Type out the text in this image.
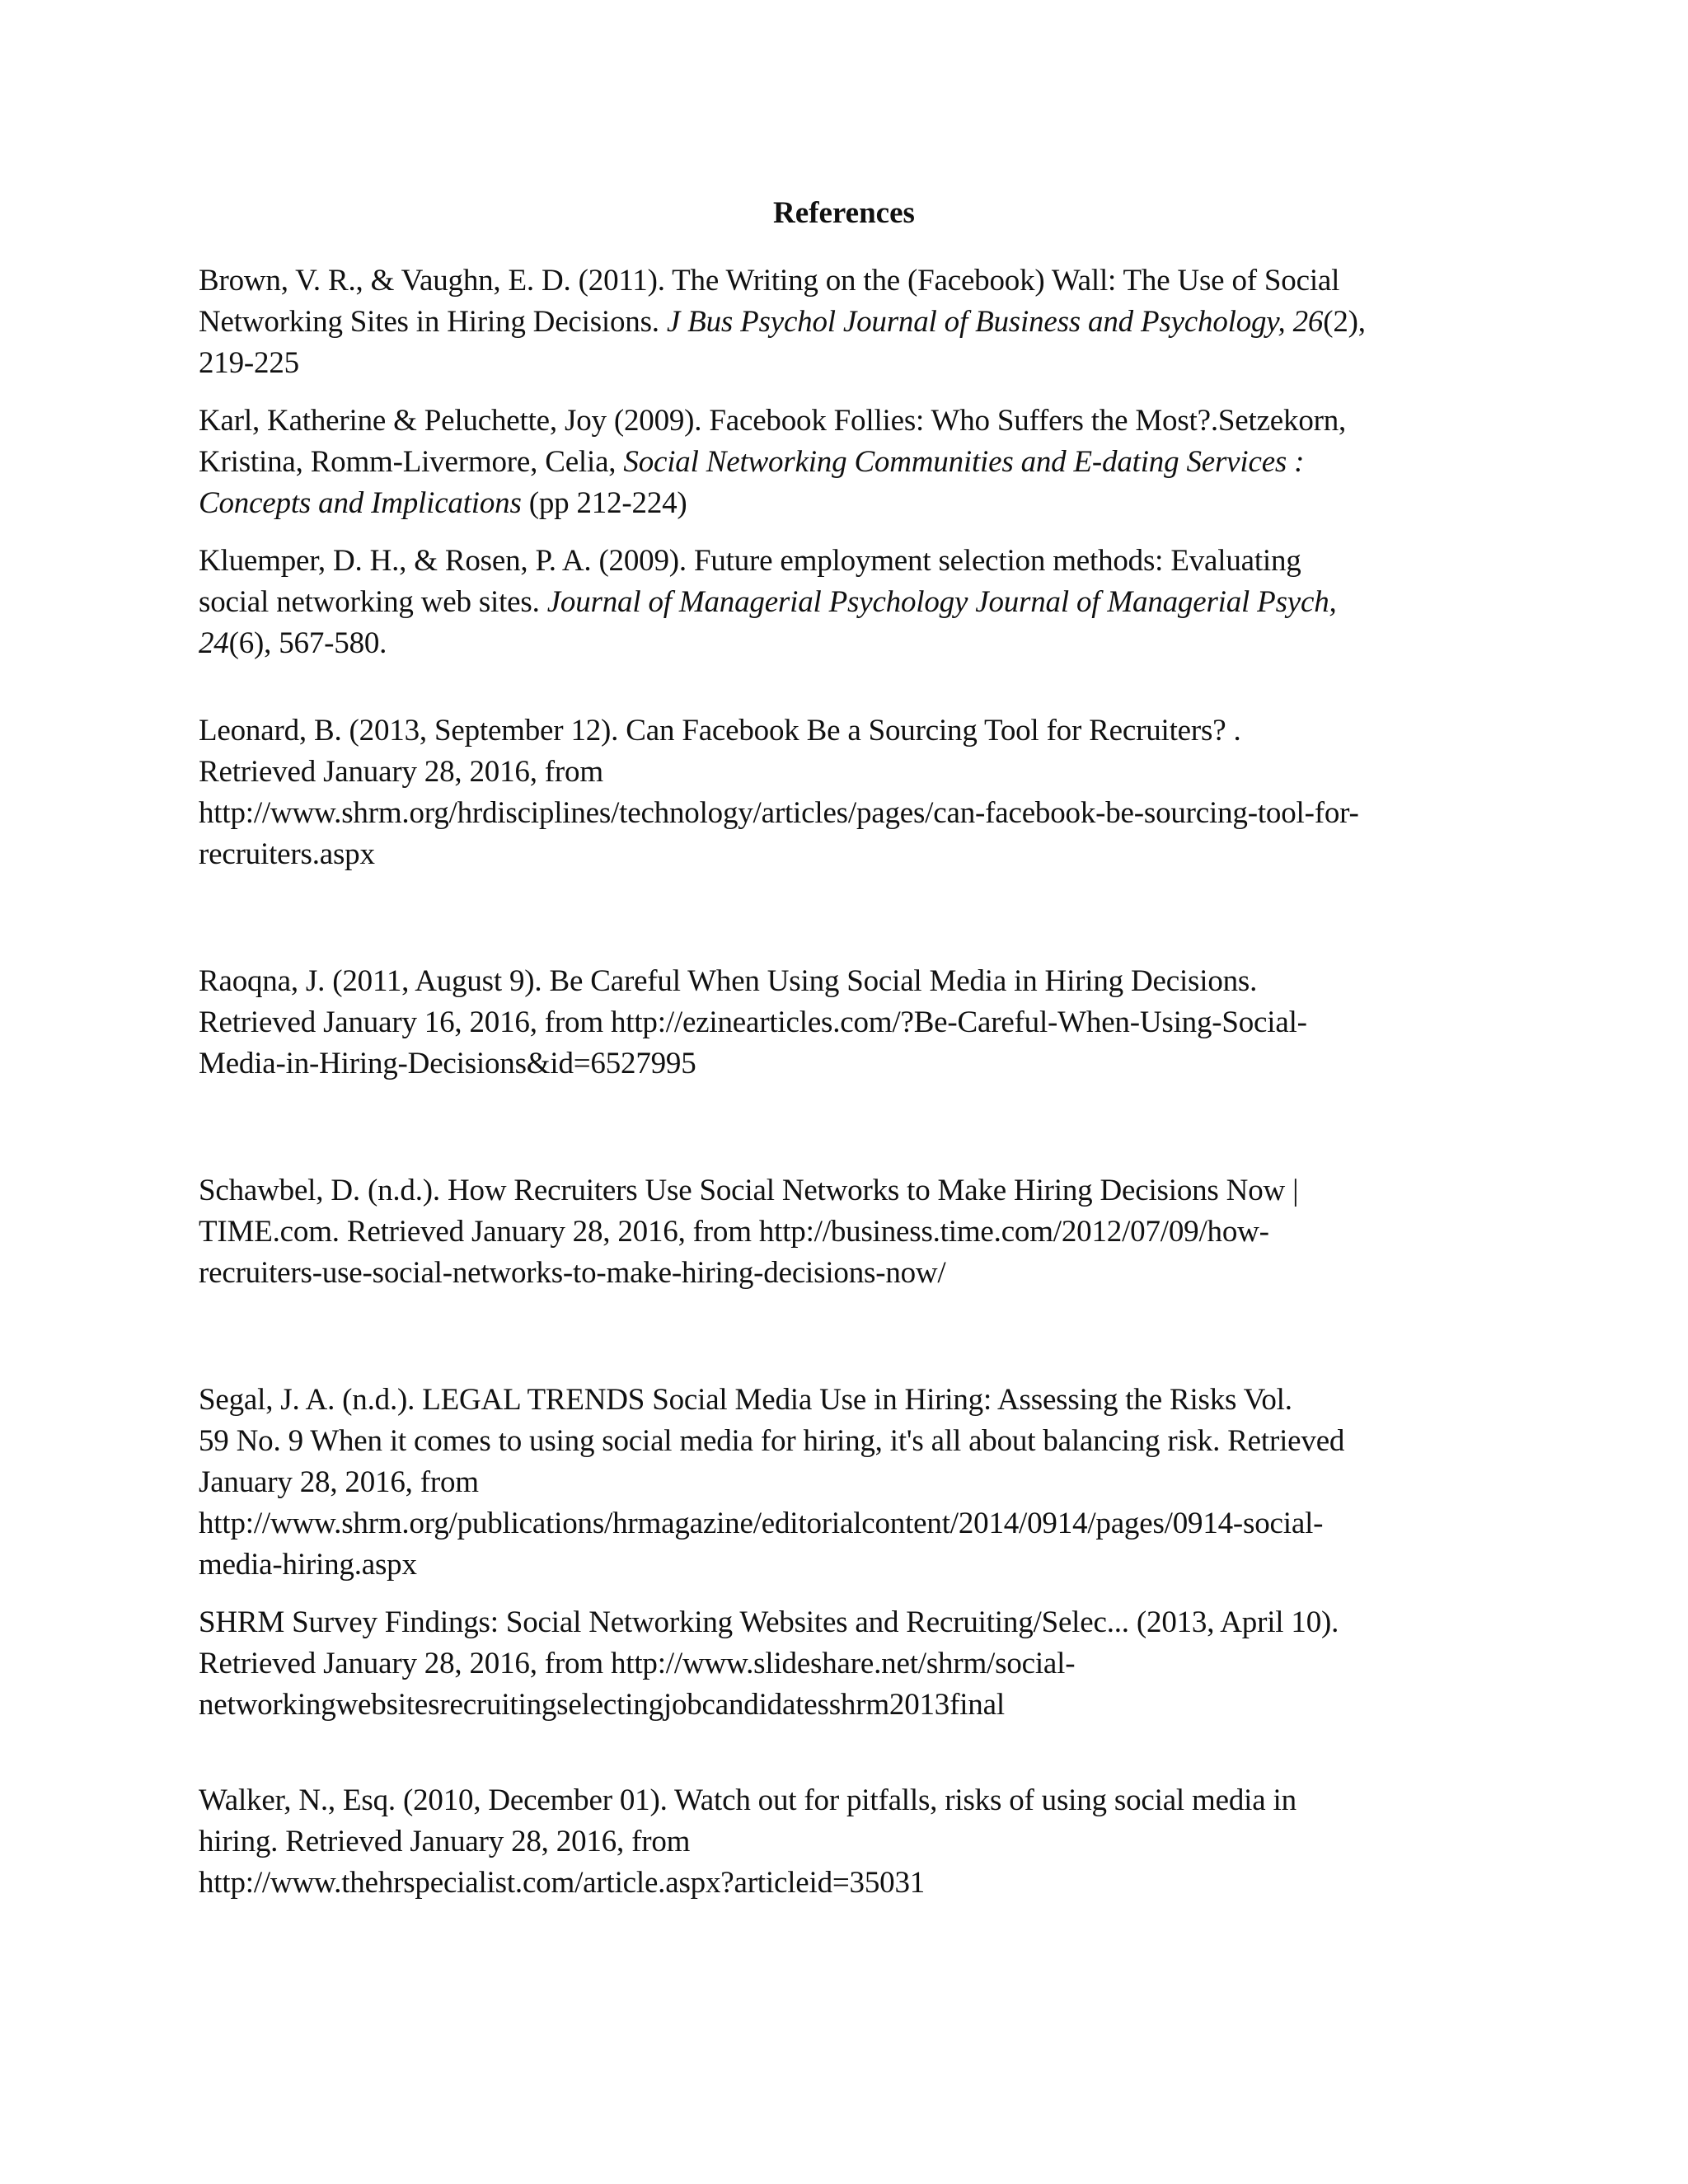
References

Brown, V. R., & Vaughn, E. D. (2011). The Writing on the (Facebook) Wall: The Use of Social
Networking Sites in Hiring Decisions. J Bus Psychol Journal of Business and Psychology, 26(2),
219-225

Karl, Katherine & Peluchette, Joy (2009). Facebook Follies: Who Suffers the Most?.Setzekorn,
Kristina, Romm-Livermore, Celia, Social Networking Communities and E-dating Services :
Concepts and Implications (pp 212-224)

Kluemper, D. H., & Rosen, P. A. (2009). Future employment selection methods: Evaluating
social networking web sites. Journal of Managerial Psychology Journal of Managerial Psych,
24(6), 567-580.

Leonard, B. (2013, September 12). Can Facebook Be a Sourcing Tool for Recruiters? .
Retrieved January 28, 2016, from
http://www.shrm.org/hrdisciplines/technology/articles/pages/can-facebook-be-sourcing-tool-for-
recruiters.aspx

Raoqna, J. (2011, August 9). Be Careful When Using Social Media in Hiring Decisions.
Retrieved January 16, 2016, from http://ezinearticles.com/?Be-Careful-When-Using-Social-
Media-in-Hiring-Decisions&id=6527995

Schawbel, D. (n.d.). How Recruiters Use Social Networks to Make Hiring Decisions Now |
TIME.com. Retrieved January 28, 2016, from http://business.time.com/2012/07/09/how-
recruiters-use-social-networks-to-make-hiring-decisions-now/

Segal, J. A. (n.d.). LEGAL TRENDS Social Media Use in Hiring: Assessing the Risks Vol.
59 No. 9 When it comes to using social media for hiring, it's all about balancing risk. Retrieved
January 28, 2016, from
http://www.shrm.org/publications/hrmagazine/editorialcontent/2014/0914/pages/0914-social-
media-hiring.aspx

SHRM Survey Findings: Social Networking Websites and Recruiting/Selec... (2013, April 10).
Retrieved January 28, 2016, from http://www.slideshare.net/shrm/social-
networkingwebsitesrecruitingselectingjobcandidatesshrm2013final

Walker, N., Esq. (2010, December 01). Watch out for pitfalls, risks of using social media in
hiring. Retrieved January 28, 2016, from
http://www.thehrspecialist.com/article.aspx?articleid=35031
